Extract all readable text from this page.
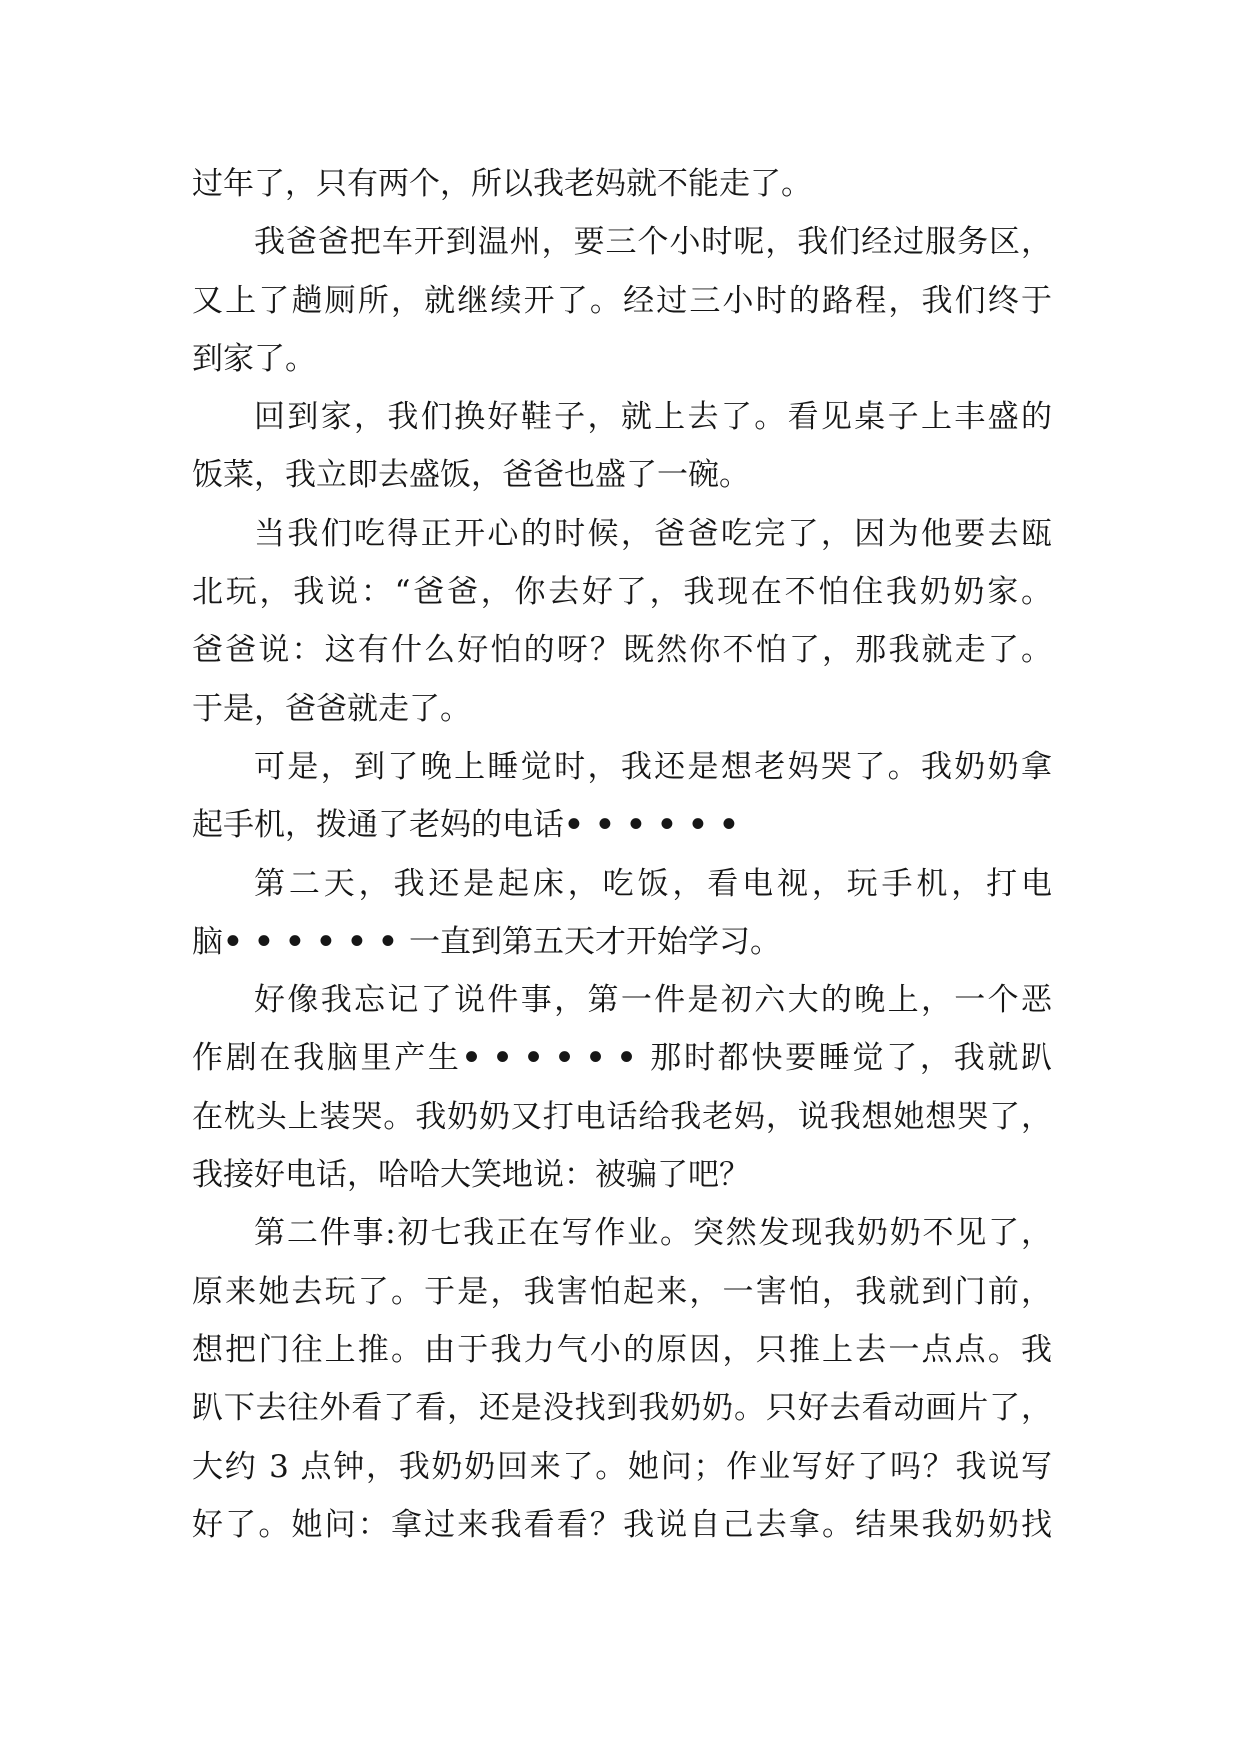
过年了，只有两个，所以我老妈就不能走了。
我爸爸把车开到温州，要三个小时呢，我们经过服务区，
又上了趟厕所，就继续开了。经过三小时的路程，我们终于
到家了。
回到家，我们换好鞋子，就上去了。看见桌子上丰盛的
饭菜，我立即去盛饭，爸爸也盛了一碗。
当我们吃得正开心的时候，爸爸吃完了，因为他要去瓯
北玩，我说：“爸爸，你去好了，我现在不怕住我奶奶家。
爸爸说：这有什么好怕的呀？既然你不怕了，那我就走了。
于是，爸爸就走了。
可是，到了晚上睡觉时，我还是想老妈哭了。我奶奶拿
起手机，拨通了老妈的电话• • • • • •
第二天，我还是起床，吃饭，看电视，玩手机，打电
脑• • • • • • 一直到第五天才开始学习。
好像我忘记了说件事，第一件是初六大的晚上，一个恶
作剧在我脑里产生• • • • • • 那时都快要睡觉了，我就趴
在枕头上装哭。我奶奶又打电话给我老妈，说我想她想哭了，
我接好电话，哈哈大笑地说：被骗了吧？
第二件事:初七我正在写作业。突然发现我奶奶不见了，
原来她去玩了。于是，我害怕起来，一害怕，我就到门前，
想把门往上推。由于我力气小的原因，只推上去一点点。我
趴下去往外看了看，还是没找到我奶奶。只好去看动画片了，
大约 3 点钟，我奶奶回来了。她问；作业写好了吗？我说写
好了。她问：拿过来我看看？我说自己去拿。结果我奶奶找
